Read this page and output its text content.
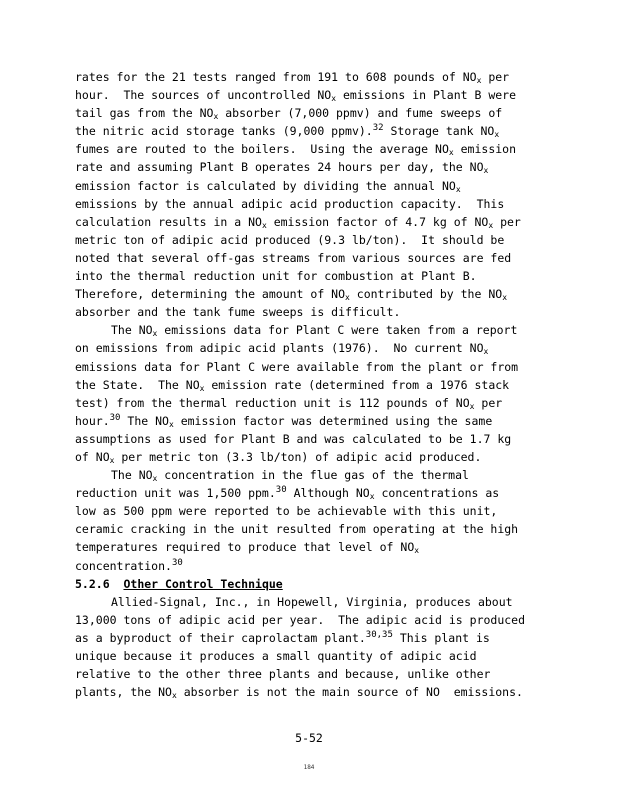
rates for the 21 tests ranged from 191 to 608 pounds of $NO_x$ per
hour.  The sources of uncontrolled $NO_x$ emissions in Plant B were
tail gas from the $NO_x$ absorber (7,000 ppmv) and fume sweeps of
the nitric acid storage tanks (9,000 ppmv).$^{32}$ Storage tank $NO_x$
fumes are routed to the boilers.  Using the average $NO_x$ emission
rate and assuming Plant B operates 24 hours per day, the $NO_x$
emission factor is calculated by dividing the annual $NO_x$
emissions by the annual adipic acid production capacity.  This
calculation results in a $NO_x$ emission factor of 4.7 kg of $NO_x$ per
metric ton of adipic acid produced (9.3 lb/ton).  It should be
noted that several off-gas streams from various sources are fed
into the thermal reduction unit for combustion at Plant B.
Therefore, determining the amount of $NO_x$ contributed by the $NO_x$
absorber and the tank fume sweeps is difficult.
The $NO_x$ emissions data for Plant C were taken from a report
on emissions from adipic acid plants (1976).  No current $NO_x$
emissions data for Plant C were available from the plant or from
the State.  The $NO_x$ emission rate (determined from a 1976 stack
test) from the thermal reduction unit is 112 pounds of $NO_x$ per
hour.$^{30}$ The $NO_x$ emission factor was determined using the same
assumptions as used for Plant B and was calculated to be 1.7 kg
of $NO_x$ per metric ton (3.3 lb/ton) of adipic acid produced.
The $NO_x$ concentration in the flue gas of the thermal
reduction unit was 1,500 ppm.$^{30}$ Although $NO_x$ concentrations as
low as 500 ppm were reported to be achievable with this unit,
ceramic cracking in the unit resulted from operating at the high
temperatures required to produce that level of $NO_x$
concentration.$^{30}$
5.2.6  Other Control Technique
Allied-Signal, Inc., in Hopewell, Virginia, produces about
13,000 tons of adipic acid per year.  The adipic acid is produced
as a byproduct of their caprolactam plant.$^{30,35}$ This plant is
unique because it produces a small quantity of adipic acid
relative to the other three plants and because, unlike other
plants, the $NO_x$ absorber is not the main source of NO  emissions.
5-52
184
